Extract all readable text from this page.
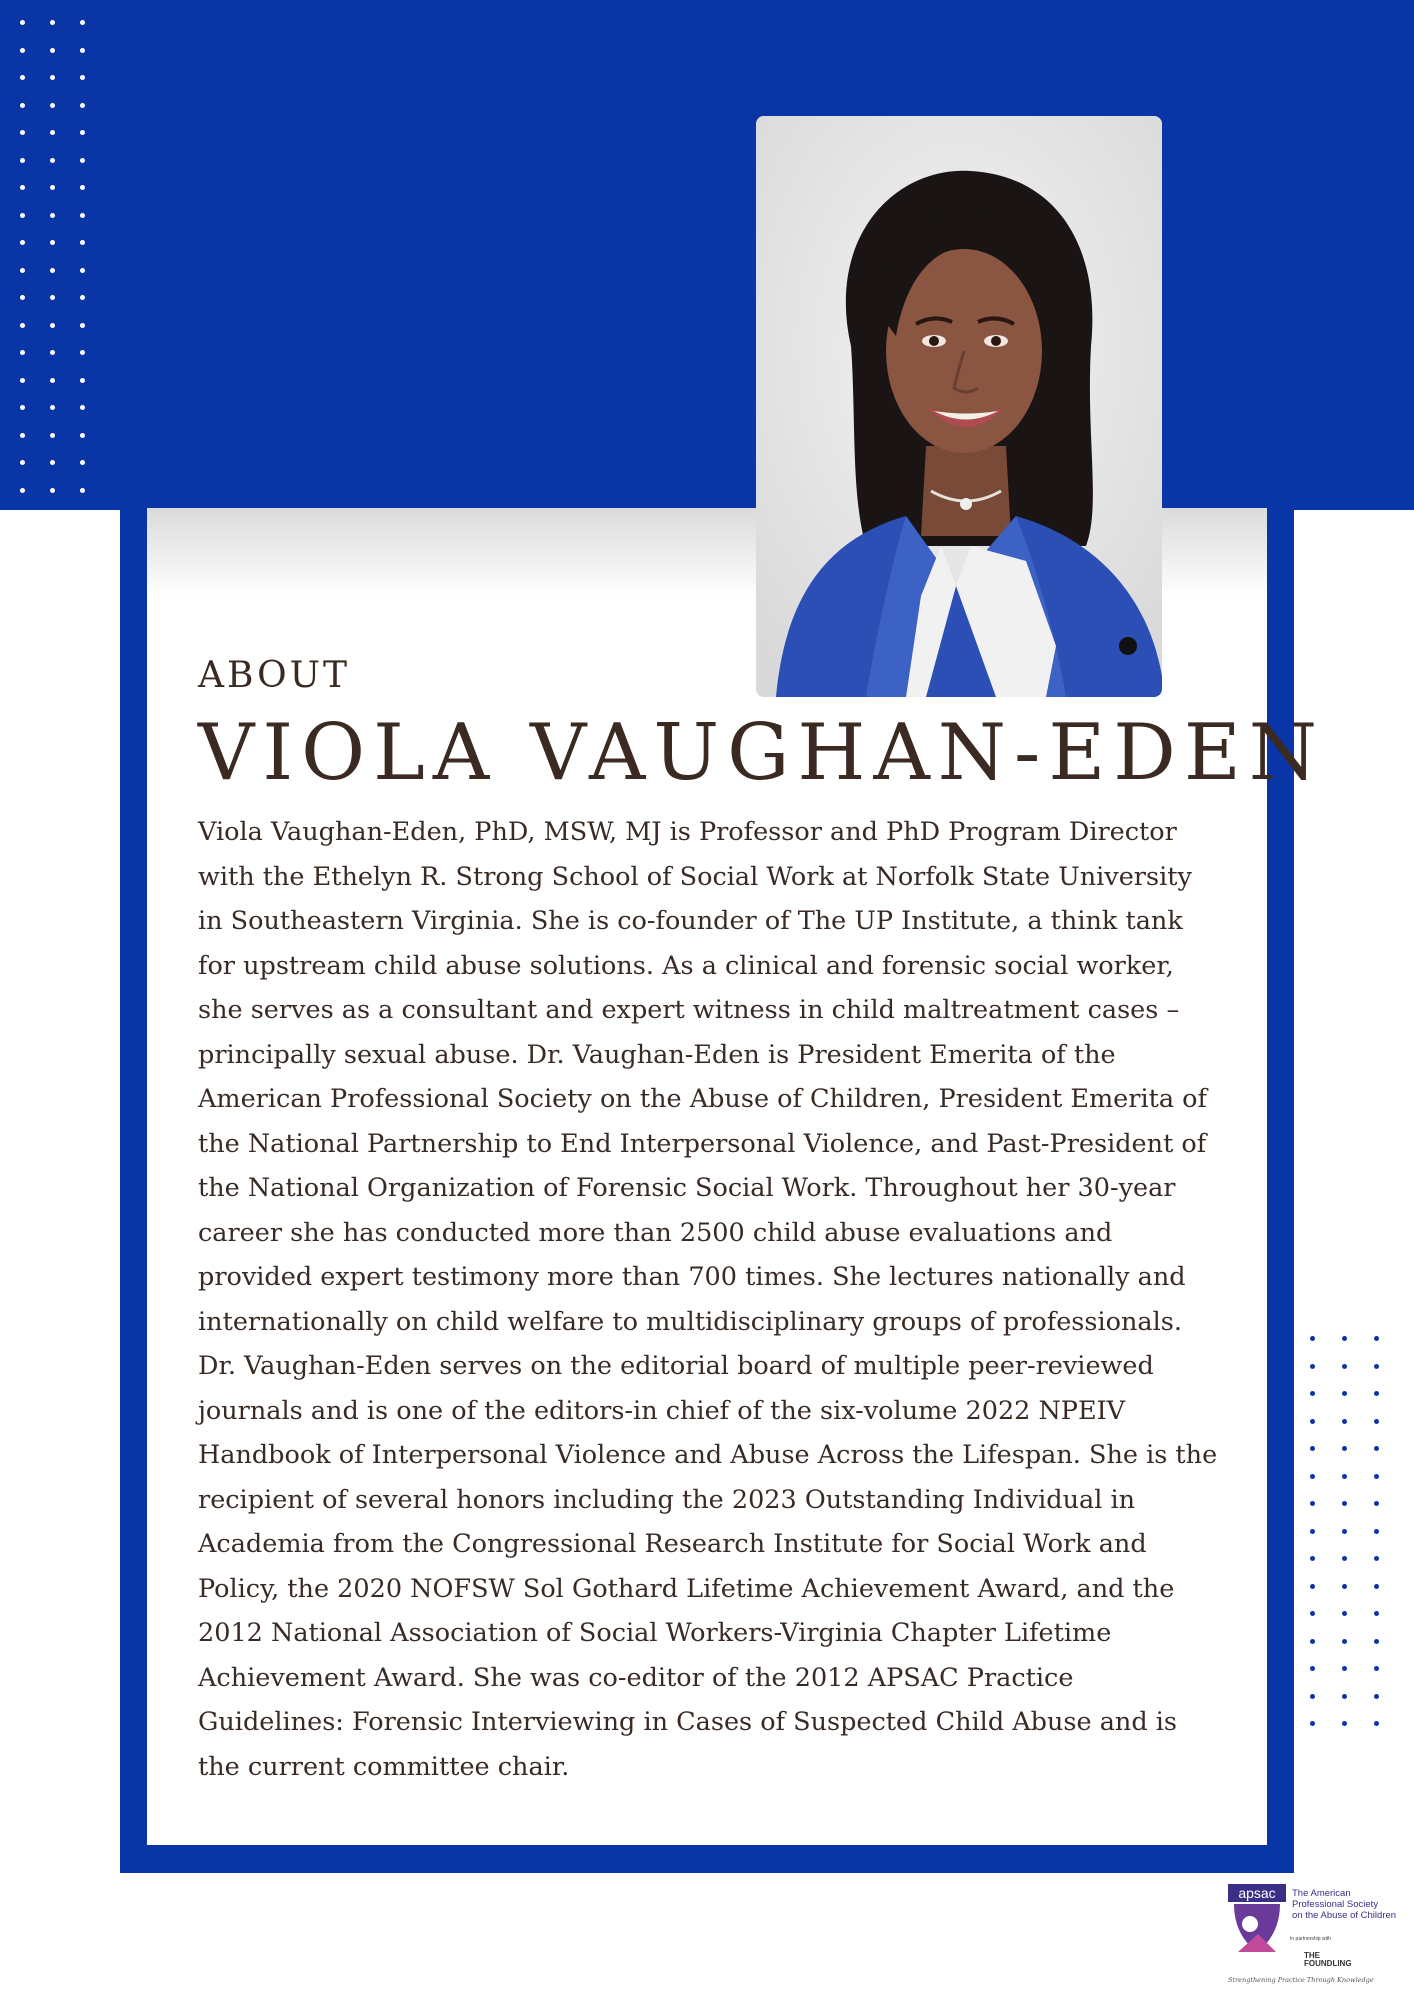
ABOUT
VIOLA VAUGHAN-EDEN
Viola Vaughan-Eden, PhD, MSW, MJ is Professor and PhD Program Director with the Ethelyn R. Strong School of Social Work at Norfolk State University in Southeastern Virginia. She is co-founder of The UP Institute, a think tank for upstream child abuse solutions. As a clinical and forensic social worker, she serves as a consultant and expert witness in child maltreatment cases – principally sexual abuse. Dr. Vaughan-Eden is President Emerita of the American Professional Society on the Abuse of Children, President Emerita of the National Partnership to End Interpersonal Violence, and Past-President of the National Organization of Forensic Social Work. Throughout her 30-year career she has conducted more than 2500 child abuse evaluations and provided expert testimony more than 700 times. She lectures nationally and internationally on child welfare to multidisciplinary groups of professionals. Dr. Vaughan-Eden serves on the editorial board of multiple peer-reviewed journals and is one of the editors-in chief of the six-volume 2022 NPEIV Handbook of Interpersonal Violence and Abuse Across the Lifespan. She is the recipient of several honors including the 2023 Outstanding Individual in Academia from the Congressional Research Institute for Social Work and Policy, the 2020 NOFSW Sol Gothard Lifetime Achievement Award, and the 2012 National Association of Social Workers-Virginia Chapter Lifetime Achievement Award. She was co-editor of the 2012 APSAC Practice Guidelines: Forensic Interviewing in Cases of Suspected Child Abuse and is the current committee chair.
apsac The American
Professional Society
on the Abuse of Children
In partnership with
THE
FOUNDLING
Strengthening Practice Through Knowledge
